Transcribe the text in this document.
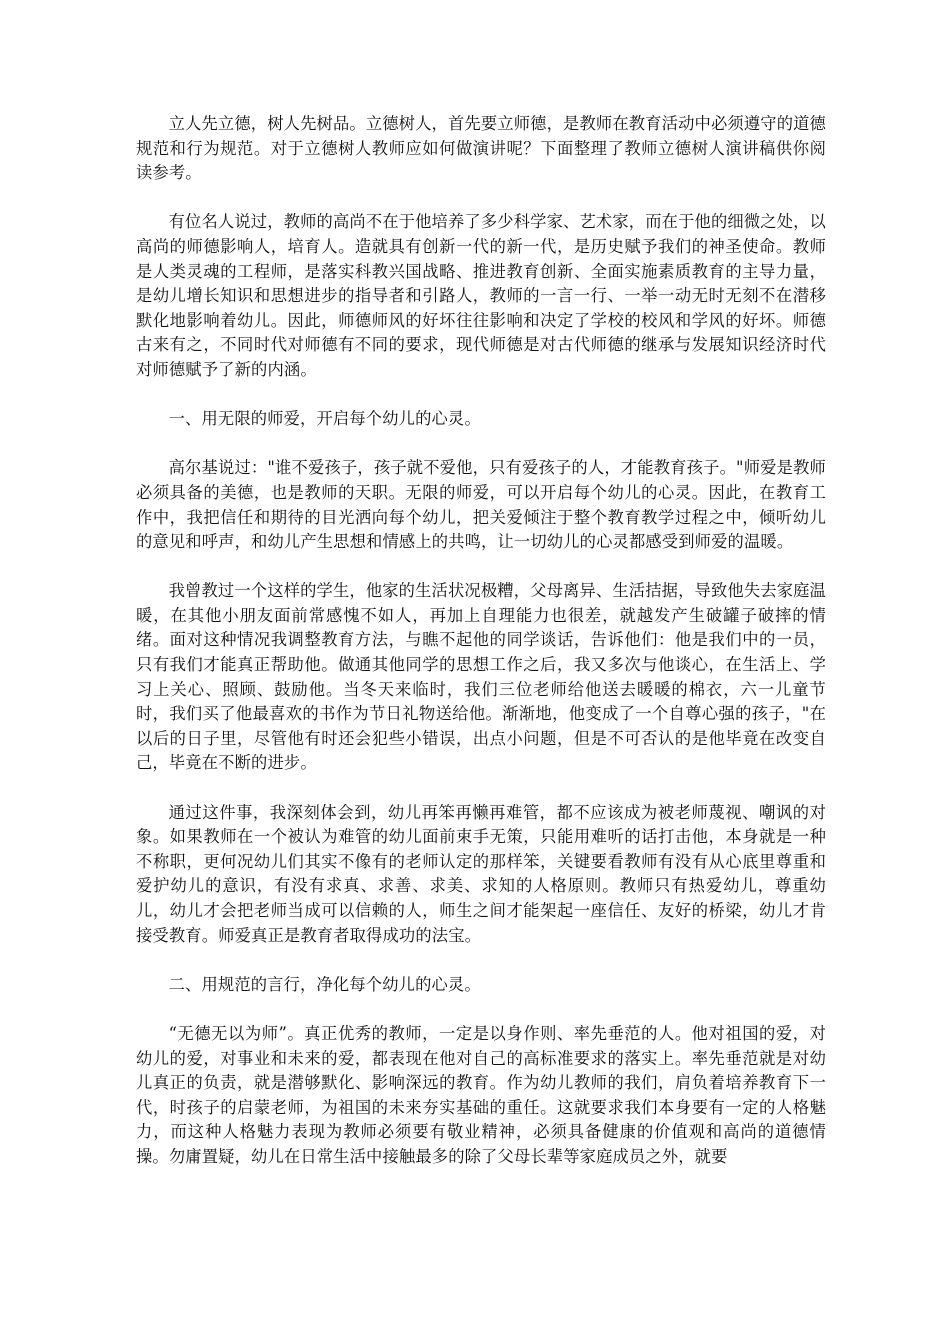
立人先立德，树人先树品。立德树人，首先要立师德，是教师在教育活动中必须遵守的道德规范和行为规范。对于立德树人教师应如何做演讲呢？下面整理了教师立德树人演讲稿供你阅读参考。

有位名人说过，教师的高尚不在于他培养了多少科学家、艺术家，而在于他的细微之处，以高尚的师德影响人，培育人。造就具有创新一代的新一代，是历史赋予我们的神圣使命。教师是人类灵魂的工程师，是落实科教兴国战略、推进教育创新、全面实施素质教育的主导力量，是幼儿增长知识和思想进步的指导者和引路人，教师的一言一行、一举一动无时无刻不在潜移默化地影响着幼儿。因此，师德师风的好坏往往影响和决定了学校的校风和学风的好坏。师德古来有之，不同时代对师德有不同的要求，现代师德是对古代师德的继承与发展知识经济时代对师德赋予了新的内涵。

一、用无限的师爱，开启每个幼儿的心灵。

高尔基说过："谁不爱孩子，孩子就不爱他，只有爱孩子的人，才能教育孩子。"师爱是教师必须具备的美德，也是教师的天职。无限的师爱，可以开启每个幼儿的心灵。因此，在教育工作中，我把信任和期待的目光洒向每个幼儿，把关爱倾注于整个教育教学过程之中，倾听幼儿的意见和呼声，和幼儿产生思想和情感上的共鸣，让一切幼儿的心灵都感受到师爱的温暖。

我曾教过一个这样的学生，他家的生活状况极糟，父母离异、生活拮据，导致他失去家庭温暖，在其他小朋友面前常感愧不如人，再加上自理能力也很差，就越发产生破罐子破摔的情绪。面对这种情况我调整教育方法，与瞧不起他的同学谈话，告诉他们：他是我们中的一员，只有我们才能真正帮助他。做通其他同学的思想工作之后，我又多次与他谈心，在生活上、学习上关心、照顾、鼓励他。当冬天来临时，我们三位老师给他送去暖暖的棉衣，六一儿童节时，我们买了他最喜欢的书作为节日礼物送给他。渐渐地，他变成了一个自尊心强的孩子，"在以后的日子里，尽管他有时还会犯些小错误，出点小问题，但是不可否认的是他毕竟在改变自己，毕竟在不断的进步。

通过这件事，我深刻体会到，幼儿再笨再懒再难管，都不应该成为被老师蔑视、嘲讽的对象。如果教师在一个被认为难管的幼儿面前束手无策，只能用难听的话打击他，本身就是一种不称职，更何况幼儿们其实不像有的老师认定的那样笨，关键要看教师有没有从心底里尊重和爱护幼儿的意识，有没有求真、求善、求美、求知的人格原则。教师只有热爱幼儿，尊重幼儿，幼儿才会把老师当成可以信赖的人，师生之间才能架起一座信任、友好的桥梁，幼儿才肯接受教育。师爱真正是教育者取得成功的法宝。

二、用规范的言行，净化每个幼儿的心灵。

“无德无以为师”。真正优秀的教师，一定是以身作则、率先垂范的人。他对祖国的爱，对幼儿的爱，对事业和未来的爱，都表现在他对自己的高标准要求的落实上。率先垂范就是对幼儿真正的负责，就是潜够默化、影响深远的教育。作为幼儿教师的我们，肩负着培养教育下一代，时孩子的启蒙老师，为祖国的未来夯实基础的重任。这就要求我们本身要有一定的人格魅力，而这种人格魅力表现为教师必须要有敬业精神，必须具备健康的价值观和高尚的道德情操。勿庸置疑，幼儿在日常生活中接触最多的除了父母长辈等家庭成员之外，就要
